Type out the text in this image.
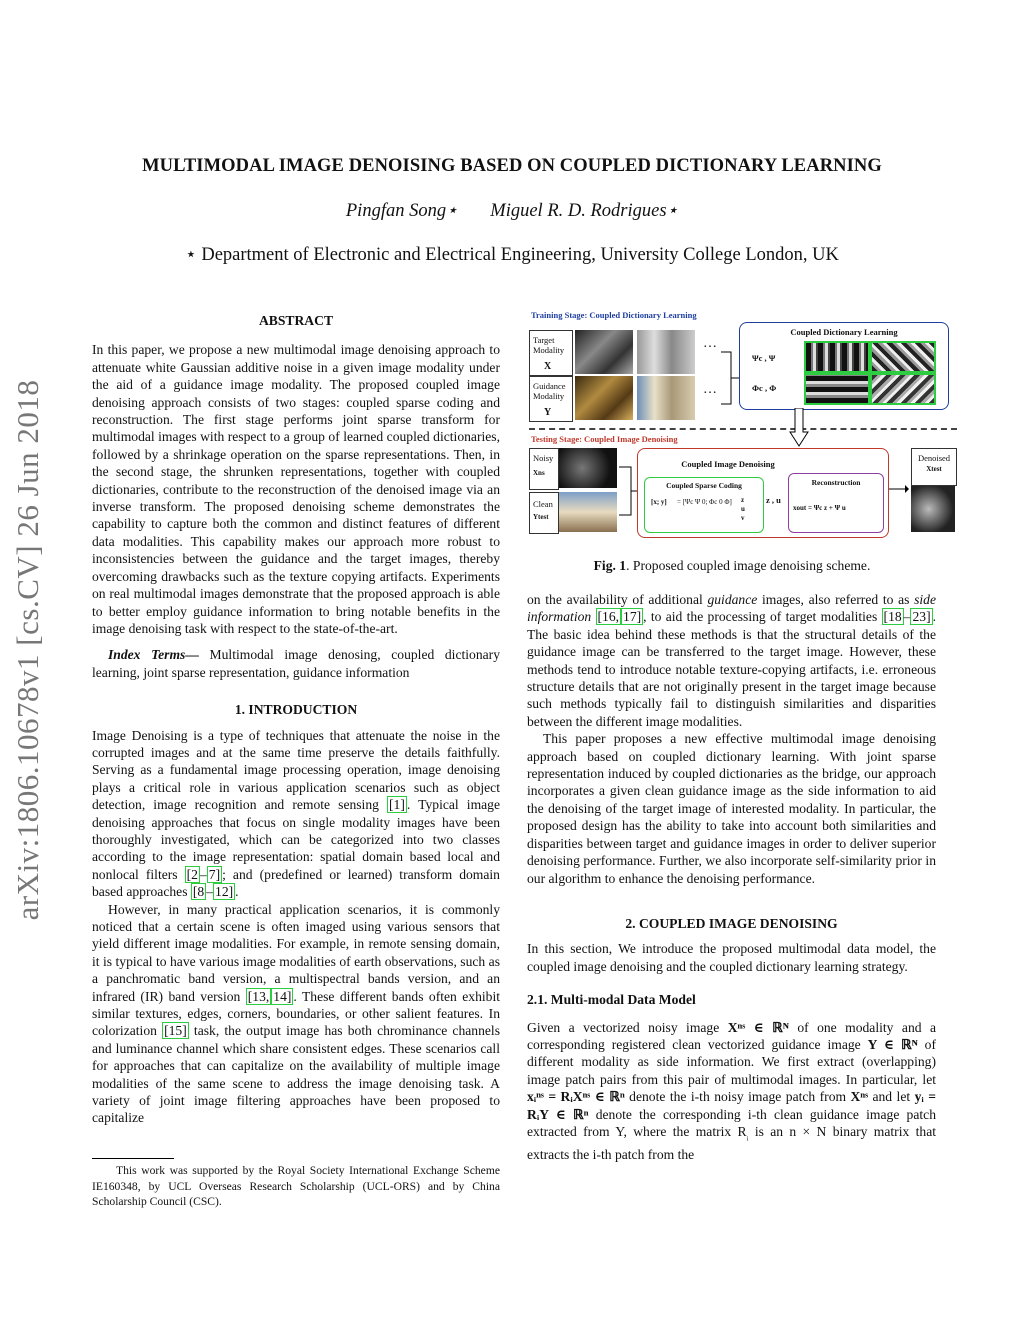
arXiv:1806.10678v1 [cs.CV] 26 Jun 2018
MULTIMODAL IMAGE DENOISING BASED ON COUPLED DICTIONARY LEARNING
Pingfan Song⋆ Miguel R. D. Rodrigues⋆
⋆ Department of Electronic and Electrical Engineering, University College London, UK
ABSTRACT

In this paper, we propose a new multimodal image denoising approach to attenuate white Gaussian additive noise in a given image modality under the aid of a guidance image modality. The proposed coupled image denoising approach consists of two stages: coupled sparse coding and reconstruction. The first stage performs joint sparse transform for multimodal images with respect to a group of learned coupled dictionaries, followed by a shrinkage operation on the sparse representations. Then, in the second stage, the shrunken representations, together with coupled dictionaries, contribute to the reconstruction of the denoised image via an inverse transform. The proposed denoising scheme demonstrates the capability to capture both the common and distinct features of different data modalities. This capability makes our approach more robust to inconsistencies between the guidance and the target images, thereby overcoming drawbacks such as the texture copying artifacts. Experiments on real multimodal images demonstrate that the proposed approach is able to better employ guidance information to bring notable benefits in the image denoising task with respect to the state-of-the-art.

Index Terms— Multimodal image denosing, coupled dictionary learning, joint sparse representation, guidance information

1. INTRODUCTION

Image Denoising is a type of techniques that attenuate the noise in the corrupted images and at the same time preserve the details faithfully. Serving as a fundamental image processing operation, image denoising plays a critical role in various application scenarios such as object detection, image recognition and remote sensing [1] . Typical image denoising approaches that focus on single modality images have been thoroughly investigated, which can be categorized into two classes according to the image representation: spatial domain based local and nonlocal filters [2 – 7] ; and (predefined or learned) transform domain based approaches [8 – 12] .

However, in many practical application scenarios, it is commonly noticed that a certain scene is often imaged using various sensors that yield different image modalities. For example, in remote sensing domain, it is typical to have various image modalities of earth observations, such as a panchromatic band version, a multispectral bands version, and an infrared (IR) band version [13, 14] . These different bands often exhibit similar textures, edges, corners, boundaries, or other salient features. In colorization [15] task, the output image has both chrominance channels and luminance channel which share consistent edges. These scenarios call for approaches that can capitalize on the availability of multiple image modalities of the same scene to address the image denoising task. A variety of joint image filtering approaches have been proposed to capitalize

This work was supported by the Royal Society International Exchange Scheme IE160348, by UCL Overseas Research Scholarship (UCL-ORS) and by China Scholarship Council (CSC).
Training Stage: Coupled Dictionary Learning
Target Modality
X
…
Guidance Modality
Y
…
Coupled Dictionary Learning
Ψc , Ψ
Φc , Φ
Testing Stage: Coupled Image Denoising
Noisy
Xns
Clean
Ytest
Coupled Image Denoising
Coupled Sparse Coding
[x; y] = [Ψc Ψ 0; Φc 0 Φ] z
u
v
z , u
Reconstruction
xout = Ψc z + Ψ u
Denoised
Xtest
Fig. 1. Proposed coupled image denoising scheme.

on the availability of additional guidance images, also referred to as side information [16, 17] , to aid the processing of target modalities [18 – 23] . The basic idea behind these methods is that the structural details of the guidance image can be transferred to the target image. However, these methods tend to introduce notable texture-copying artifacts, i.e. erroneous structure details that are not originally present in the target image because such methods typically fail to distinguish similarities and disparities between the different image modalities.

This paper proposes a new effective multimodal image denoising approach based on coupled dictionary learning. With joint sparse representation induced by coupled dictionaries as the bridge, our approach incorporates a given clean guidance image as the side information to aid the denoising of the target image of interested modality. In particular, the proposed design has the ability to take into account both similarities and disparities between target and guidance images in order to deliver superior denoising performance. Further, we also incorporate self-similarity prior in our algorithm to enhance the denoising performance.

2. COUPLED IMAGE DENOISING

In this section, We introduce the proposed multimodal data model, the coupled image denoising and the coupled dictionary learning strategy.

2.1. Multi-modal Data Model

Given a vectorized noisy image Xⁿˢ ∈ ℝᴺ of one modality and a corresponding registered clean vectorized guidance image Y ∈ ℝᴺ of different modality as side information. We first extract (overlapping) image patch pairs from this pair of multimodal images. In particular, let xᵢⁿˢ = RᵢXⁿˢ ∈ ℝⁿ denote the i-th noisy image patch from Xⁿˢ and let yᵢ = RᵢY ∈ ℝⁿ denote the corresponding i-th clean guidance image patch extracted from Y, where the matrix $R_ᵢ$ is an n × N binary matrix that extracts the i-th patch from the
